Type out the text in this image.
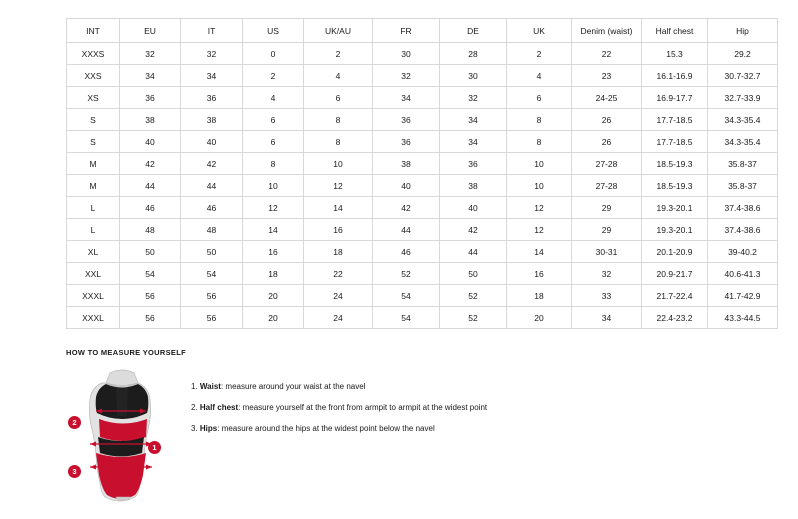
INT	EU	IT	US	UK/AU	FR	DE	UK	Denim (waist)	Half chest	Hip
XXXS	32	32	0	2	30	28	2	22	15.3	29.2
XXS	34	34	2	4	32	30	4	23	16.1-16.9	30.7-32.7
XS	36	36	4	6	34	32	6	24-25	16.9-17.7	32.7-33.9
S	38	38	6	8	36	34	8	26	17.7-18.5	34.3-35.4
S	40	40	6	8	36	34	8	26	17.7-18.5	34.3-35.4
M	42	42	8	10	38	36	10	27-28	18.5-19.3	35.8-37
M	44	44	10	12	40	38	10	27-28	18.5-19.3	35.8-37
L	46	46	12	14	42	40	12	29	19.3-20.1	37.4-38.6
L	48	48	14	16	44	42	12	29	19.3-20.1	37.4-38.6
XL	50	50	16	18	46	44	14	30-31	20.1-20.9	39-40.2
XXL	54	54	18	22	52	50	16	32	20.9-21.7	40.6-41.3
XXXL	56	56	20	24	54	52	18	33	21.7-22.4	41.7-42.9
XXXL	56	56	20	24	54	52	20	34	22.4-23.2	43.3-44.5
HOW TO MEASURE YOURSELF
1
2
3

1. Waist: measure around your waist at the navel

2. Half chest: measure yourself at the front from armpit to armpit at the widest point

3. Hips: measure around the hips at the widest point below the navel
